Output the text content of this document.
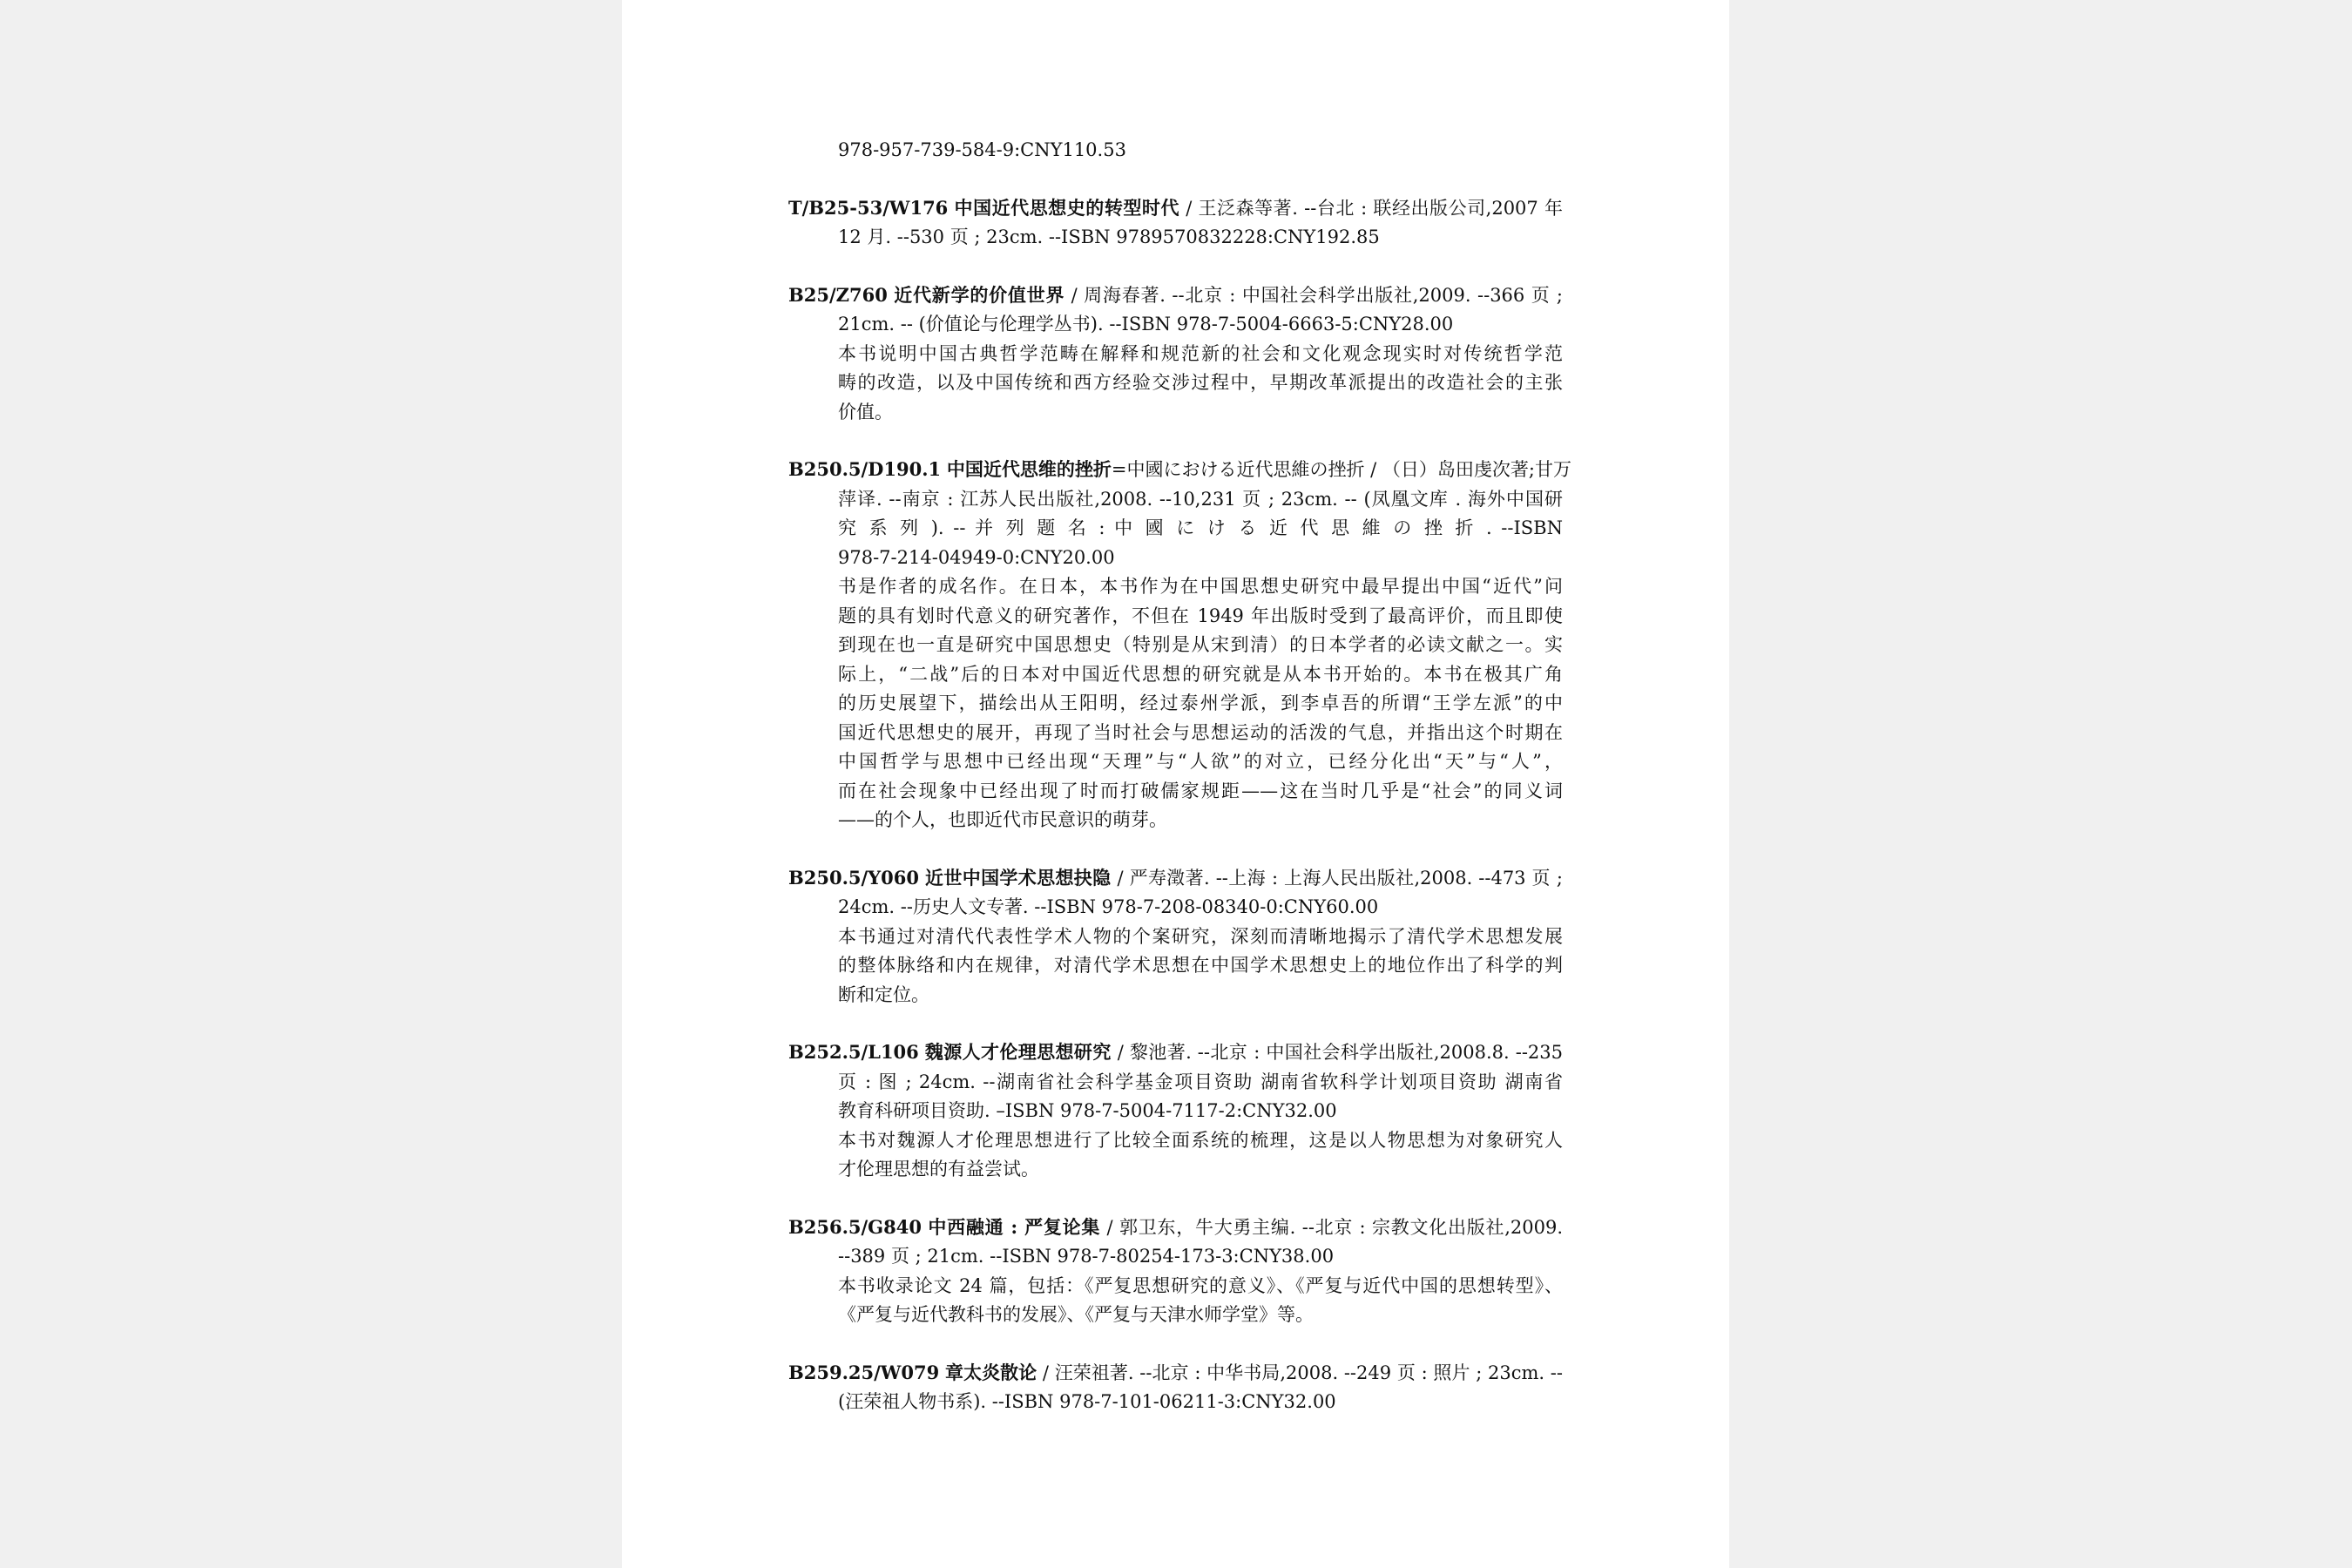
978-957-739-584-9:CNY110.53
T/B25-53/W176 中国近代思想史的转型时代 / 王泛森等著. --台北 : 联经出版公司,2007 年
12 月. --530 页 ; 23cm. --ISBN 9789570832228:CNY192.85
B25/Z760 近代新学的价值世界 / 周海春著. --北京 : 中国社会科学出版社,2009. --366 页 ;
21cm. -- (价值论与伦理学丛书). --ISBN 978-7-5004-6663-5:CNY28.00
本书说明中国古典哲学范畴在解释和规范新的社会和文化观念现实时对传统哲学范
畴的改造，以及中国传统和西方经验交涉过程中，早期改革派提出的改造社会的主张
价值。
B250.5/D190.1 中国近代思维的挫折=中國における近代思維の挫折 / （日）岛田虔次著;甘万
萍译. --南京 : 江苏人民出版社,2008. --10,231 页 ; 23cm. -- (凤凰文库 . 海外中国研
究 系 列 ). -- 并 列 题 名 : 中 國 に け る 近 代 思 維 の 挫 折 . --ISBN
978-7-214-04949-0:CNY20.00
书是作者的成名作。在日本，本书作为在中国思想史研究中最早提出中国“近代”问
题的具有划时代意义的研究著作，不但在 1949 年出版时受到了最高评价，而且即使
到现在也一直是研究中国思想史（特别是从宋到清）的日本学者的必读文献之一。实
际上，“二战”后的日本对中国近代思想的研究就是从本书开始的。本书在极其广角
的历史展望下，描绘出从王阳明，经过泰州学派，到李卓吾的所谓“王学左派”的中
国近代思想史的展开，再现了当时社会与思想运动的活泼的气息，并指出这个时期在
中国哲学与思想中已经出现“天理”与“人欲”的对立，已经分化出“天”与“人”，
而在社会现象中已经出现了时而打破儒家规距——这在当时几乎是“社会”的同义词
——的个人，也即近代市民意识的萌芽。
B250.5/Y060 近世中国学术思想抉隐 / 严寿澂著. --上海 : 上海人民出版社,2008. --473 页 ;
24cm. --历史人文专著. --ISBN 978-7-208-08340-0:CNY60.00
本书通过对清代代表性学术人物的个案研究，深刻而清晰地揭示了清代学术思想发展
的整体脉络和内在规律，对清代学术思想在中国学术思想史上的地位作出了科学的判
断和定位。
B252.5/L106 魏源人才伦理思想研究 / 黎池著. --北京 : 中国社会科学出版社,2008.8. --235
页 : 图 ; 24cm. --湖南省社会科学基金项目资助 湖南省软科学计划项目资助 湖南省
教育科研项目资助. –ISBN 978-7-5004-7117-2:CNY32.00
本书对魏源人才伦理思想进行了比较全面系统的梳理，这是以人物思想为对象研究人
才伦理思想的有益尝试。
B256.5/G840 中西融通 : 严复论集 / 郭卫东，牛大勇主编. --北京 : 宗教文化出版社,2009.
--389 页 ; 21cm. --ISBN 978-7-80254-173-3:CNY38.00
本书收录论文 24 篇，包括：《严复思想研究的意义》、《严复与近代中国的思想转型》、
《严复与近代教科书的发展》、《严复与天津水师学堂》等。
B259.25/W079 章太炎散论 / 汪荣祖著. --北京 : 中华书局,2008. --249 页 : 照片 ; 23cm. --
(汪荣祖人物书系). --ISBN 978-7-101-06211-3:CNY32.00
